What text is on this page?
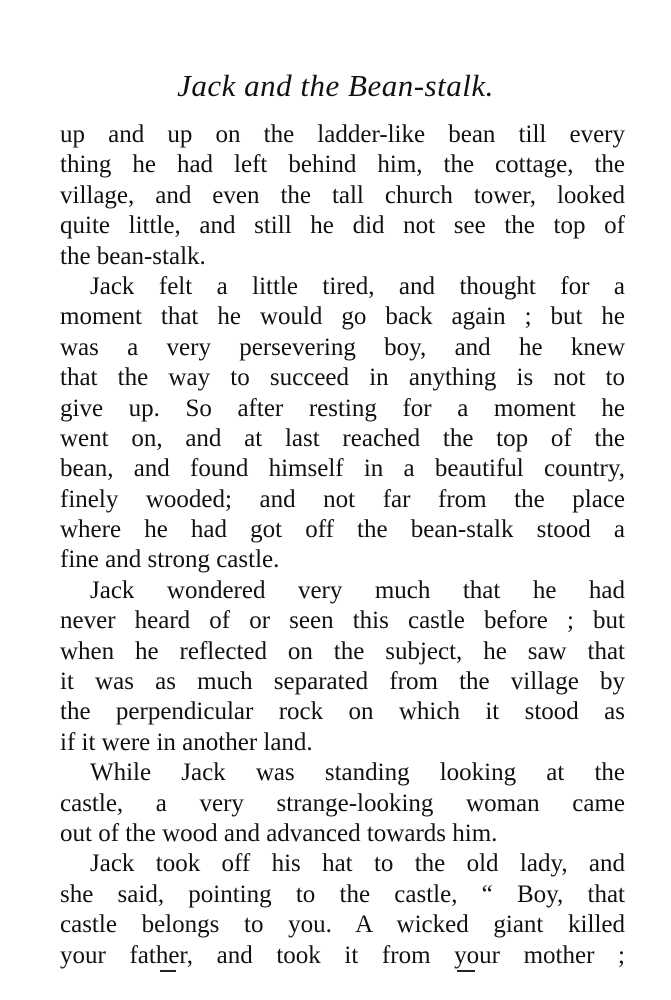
Jack and the Bean-stalk.
up and up on the ladder-like bean till every
thing he had left behind him, the cottage, the
village, and even the tall church tower, looked
quite little, and still he did not see the top of
the bean-stalk.
Jack felt a little tired, and thought for a
moment that he would go back again ; but he
was a very persevering boy, and he knew
that the way to succeed in anything is not to
give up. So after resting for a moment he
went on, and at last reached the top of the
bean, and found himself in a beautiful country,
finely wooded; and not far from the place
where he had got off the bean-stalk stood a
fine and strong castle.
Jack wondered very much that he had
never heard of or seen this castle before ; but
when he reflected on the subject, he saw that
it was as much separated from the village by
the perpendicular rock on which it stood as
if it were in another land.
While Jack was standing looking at the
castle, a very strange-looking woman came
out of the wood and advanced towards him.
Jack took off his hat to the old lady, and
she said, pointing to the castle, “ Boy, that
castle belongs to you. A wicked giant killed
your father, and took it from your mother ;
